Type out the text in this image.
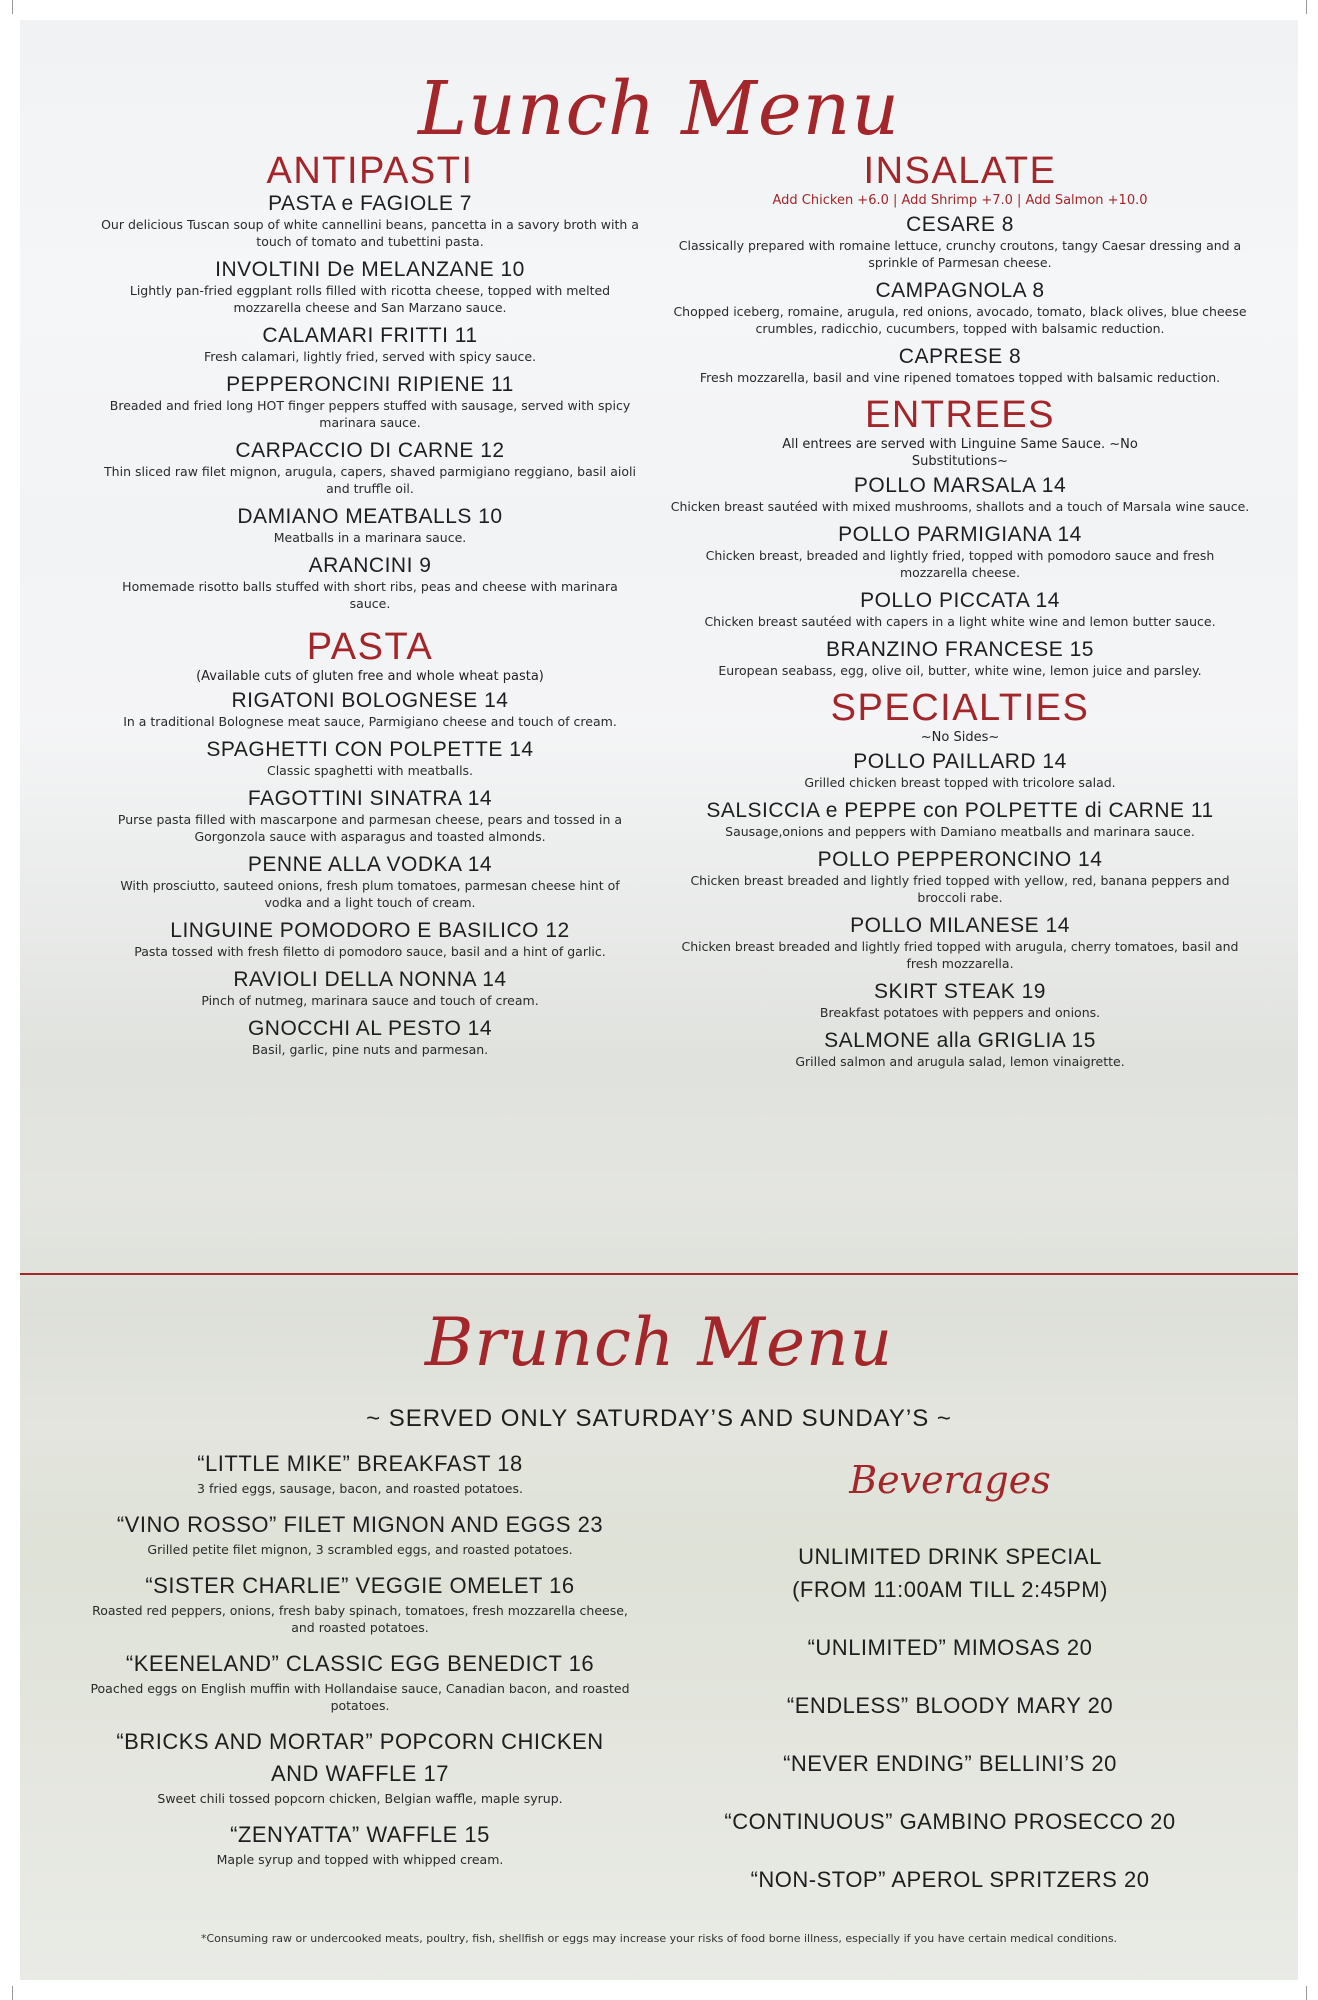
Lunch Menu
ANTIPASTI
PASTA e FAGIOLE 7
Our delicious Tuscan soup of white cannellini beans, pancetta in a savory broth with a touch of tomato and tubettini pasta.
INVOLTINI De MELANZANE 10
Lightly pan-fried eggplant rolls filled with ricotta cheese, topped with melted mozzarella cheese and San Marzano sauce.
CALAMARI FRITTI 11
Fresh calamari, lightly fried, served with spicy sauce.
PEPPERONCINI RIPIENE 11
Breaded and fried long HOT finger peppers stuffed with sausage, served with spicy marinara sauce.
CARPACCIO DI CARNE 12
Thin sliced raw filet mignon, arugula, capers, shaved parmigiano reggiano, basil aioli and truffle oil.
DAMIANO MEATBALLS 10
Meatballs in a marinara sauce.
ARANCINI 9
Homemade risotto balls stuffed with short ribs, peas and cheese with marinara sauce.
PASTA
(Available cuts of gluten free and whole wheat pasta)
RIGATONI BOLOGNESE 14
In a traditional Bolognese meat sauce, Parmigiano cheese and touch of cream.
SPAGHETTI CON POLPETTE 14
Classic spaghetti with meatballs.
FAGOTTINI SINATRA 14
Purse pasta filled with mascarpone and parmesan cheese, pears and tossed in a Gorgonzola sauce with asparagus and toasted almonds.
PENNE ALLA VODKA 14
With prosciutto, sauteed onions, fresh plum tomatoes, parmesan cheese hint of vodka and a light touch of cream.
LINGUINE POMODORO E BASILICO 12
Pasta tossed with fresh filetto di pomodoro sauce, basil and a hint of garlic.
RAVIOLI DELLA NONNA 14
Pinch of nutmeg, marinara sauce and touch of cream.
GNOCCHI AL PESTO 14
Basil, garlic, pine nuts and parmesan.
INSALATE
Add Chicken +6.0 | Add Shrimp +7.0 | Add Salmon +10.0
CESARE 8
Classically prepared with romaine lettuce, crunchy croutons, tangy Caesar dressing and a sprinkle of Parmesan cheese.
CAMPAGNOLA 8
Chopped iceberg, romaine, arugula, red onions, avocado, tomato, black olives, blue cheese crumbles, radicchio, cucumbers, topped with balsamic reduction.
CAPRESE 8
Fresh mozzarella, basil and vine ripened tomatoes topped with balsamic reduction.
ENTREES
All entrees are served with Linguine Same Sauce. ~No Substitutions~
POLLO MARSALA 14
Chicken breast sautéed with mixed mushrooms, shallots and a touch of Marsala wine sauce.
POLLO PARMIGIANA 14
Chicken breast, breaded and lightly fried, topped with pomodoro sauce and fresh mozzarella cheese.
POLLO PICCATA 14
Chicken breast sautéed with capers in a light white wine and lemon butter sauce.
BRANZINO FRANCESE 15
European seabass, egg, olive oil, butter, white wine, lemon juice and parsley.
SPECIALTIES
~No Sides~
POLLO PAILLARD 14
Grilled chicken breast topped with tricolore salad.
SALSICCIA e PEPPE con POLPETTE di CARNE 11
Sausage,onions and peppers with Damiano meatballs and marinara sauce.
POLLO PEPPERONCINO 14
Chicken breast breaded and lightly fried topped with yellow, red, banana peppers and broccoli rabe.
POLLO MILANESE 14
Chicken breast breaded and lightly fried topped with arugula, cherry tomatoes, basil and fresh mozzarella.
SKIRT STEAK 19
Breakfast potatoes with peppers and onions.
SALMONE alla GRIGLIA 15
Grilled salmon and arugula salad, lemon vinaigrette.
Brunch Menu
~ SERVED ONLY SATURDAY’S AND SUNDAY’S ~
“LITTLE MIKE” BREAKFAST 18
3 fried eggs, sausage, bacon, and roasted potatoes.
“VINO ROSSO” FILET MIGNON AND EGGS 23
Grilled petite filet mignon, 3 scrambled eggs, and roasted potatoes.
“SISTER CHARLIE” VEGGIE OMELET 16
Roasted red peppers, onions, fresh baby spinach, tomatoes, fresh mozzarella cheese, and roasted potatoes.
“KEENELAND” CLASSIC EGG BENEDICT 16
Poached eggs on English muffin with Hollandaise sauce, Canadian bacon, and roasted potatoes.
“BRICKS AND MORTAR” POPCORN CHICKEN AND WAFFLE 17
Sweet chili tossed popcorn chicken, Belgian waffle, maple syrup.
“ZENYATTA” WAFFLE 15
Maple syrup and topped with whipped cream.
Beverages
UNLIMITED DRINK SPECIAL (FROM 11:00AM TILL 2:45PM)
“UNLIMITED” MIMOSAS 20
“ENDLESS” BLOODY MARY 20
“NEVER ENDING” BELLINI’S 20
“CONTINUOUS” GAMBINO PROSECCO 20
“NON-STOP” APEROL SPRITZERS 20
*Consuming raw or undercooked meats, poultry, fish, shellfish or eggs may increase your risks of food borne illness, especially if you have certain medical conditions.
